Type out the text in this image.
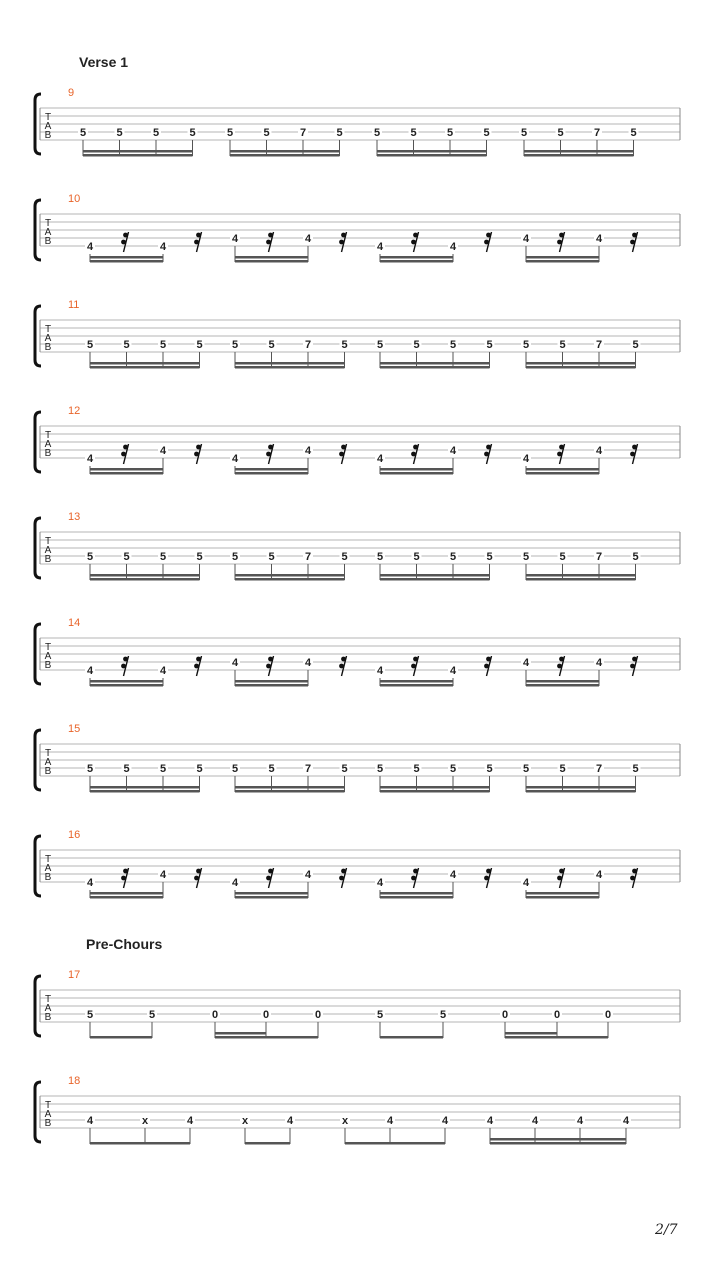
Verse 1
Pre-Chours
T
A
B
9
5	5	5	5	5	5	7	5	5	5	5	5	5	5	7	5
T
A
B
10
4	4
4	4
4	4
4	4
T
A
B
11
5	5	5	5	5	5	7	5	5	5	5	5	5	5	7	5
T
A
B
12
4
4
4
4
4
4
4
4
T
A
B
13
5	5	5	5	5	5	7	5	5	5	5	5	5	5	7	5
T
A
B
14
4	4
4	4
4	4
4	4
T
A
B
15
5	5	5	5	5	5	7	5	5	5	5	5	5	5	7	5
T
A
B
16
4
4
4
4
4
4
4
4
T
A
B
17
5	5	0	0	0	5	5	0	0	0
T
A
B
18
4	x	4	x	4	x	4	4	4	4	4	4
2/7
